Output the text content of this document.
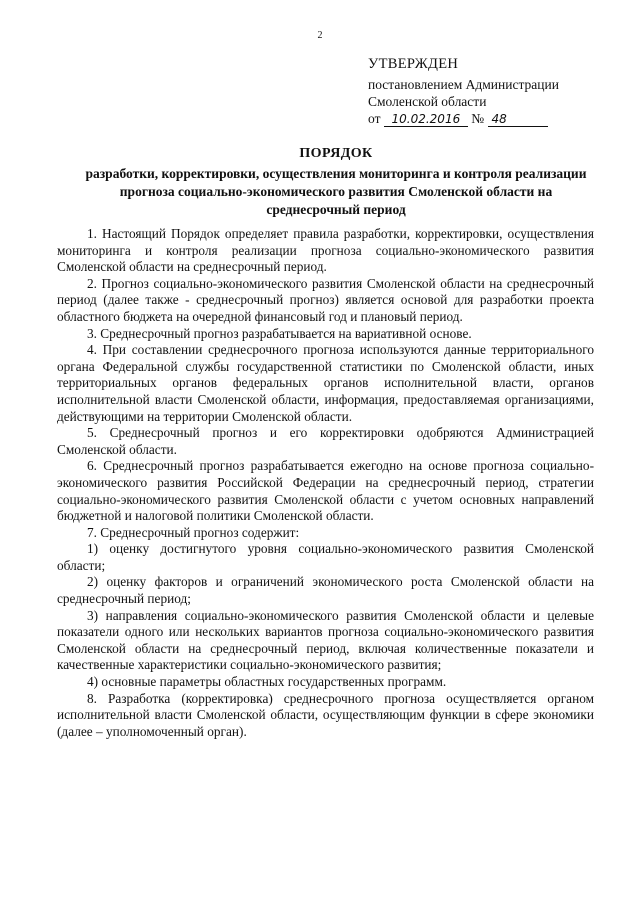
2
УТВЕРЖДЕН
постановлением Администрации
Смоленской области
от 10.02.2016 № 48
ПОРЯДОК
разработки, корректировки, осуществления мониторинга и контроля реализации прогноза социально-экономического развития Смоленской области на среднесрочный период

1. Настоящий Порядок определяет правила разработки, корректировки, осуществления мониторинга и контроля реализации прогноза социально-экономического развития Смоленской области на среднесрочный период.

2. Прогноз социально-экономического развития Смоленской области на среднесрочный период (далее также - среднесрочный прогноз) является основой для разработки проекта областного бюджета на очередной финансовый год и плановый период.

3. Среднесрочный прогноз разрабатывается на вариативной основе.

4. При составлении среднесрочного прогноза используются данные территориального органа Федеральной службы государственной статистики по Смоленской области, иных территориальных органов федеральных органов исполнительной власти, органов исполнительной власти Смоленской области, информация, предоставляемая организациями, действующими на территории Смоленской области.

5. Среднесрочный прогноз и его корректировки одобряются Администрацией Смоленской области.

6. Среднесрочный прогноз разрабатывается ежегодно на основе прогноза социально-экономического развития Российской Федерации на среднесрочный период, стратегии социально-экономического развития Смоленской области с учетом основных направлений бюджетной и налоговой политики Смоленской области.

7. Среднесрочный прогноз содержит:

1) оценку достигнутого уровня социально-экономического развития Смоленской области;

2) оценку факторов и ограничений экономического роста Смоленской области на среднесрочный период;

3) направления социально-экономического развития Смоленской области и целевые показатели одного или нескольких вариантов прогноза социально-экономического развития Смоленской области на среднесрочный период, включая количественные показатели и качественные характеристики социально-экономического развития;

4) основные параметры областных государственных программ.

8. Разработка (корректировка) среднесрочного прогноза осуществляется органом исполнительной власти Смоленской области, осуществляющим функции в сфере экономики (далее – уполномоченный орган).
